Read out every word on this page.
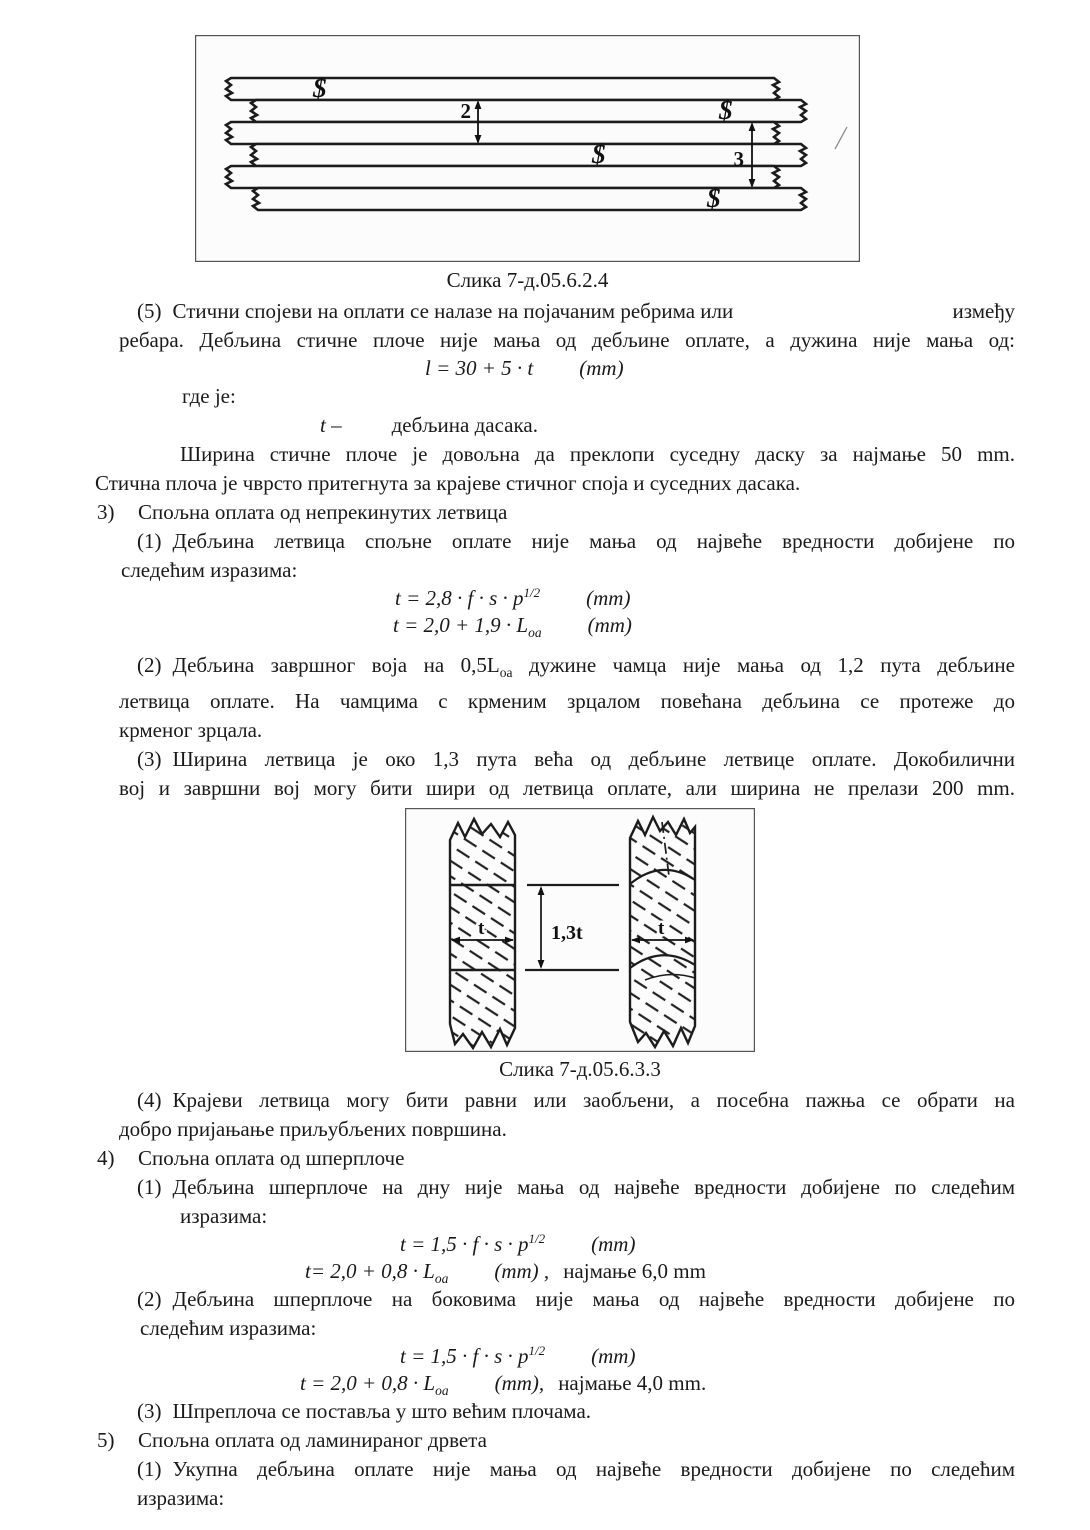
$
$
$
$
2
3
Слика 7-д.05.6.2.4
(5) Стични спојеви на оплати се налазе на појачаним ребрима или	између
ребара. Дебљина стичне плоче није мања од дебљине оплате, а дужина није мања од:
l = 30 + 5 · t (mm)
где је:
t – дебљина дасака.
Ширина стичне плоче је довољна да преклопи суседну даску за најмање 50 mm.
Стична плоча је чврсто притегнута за крајеве стичног споја и суседних дасака.
3) Спољна оплата од непрекинутих летвица
(1) Дебљина летвица спољне оплате није мања од највеће вредности добијене по
следећим изразима:
$t = 2,8 \cdot f \cdot s \cdot p^{1/2}$ (mm)
$t = 2,0 + 1,9 \cdot L_{oa}$ (mm)
(2) Дебљина завршног воја на $0,5L_{оа}$ дужине чамца није мања од 1,2 пута дебљине
летвица оплате. На чамцима с крменим зрцалом повећана дебљина се протеже до
крменог зрцала.
(3) Ширина летвица је око 1,3 пута већа од дебљине летвице оплате. Докобилични
вој и завршни вој могу бити шири од летвица оплате, али ширина не прелази 200 mm.
t	1,3t	t
Слика 7-д.05.6.3.3
(4) Крајеви летвица могу бити равни или заобљени, а посебна пажња се обрати на
добро пријањање приљубљених површина.
4) Спољна оплата од шперплоче
(1) Дебљина шперплоче на дну није мања од највеће вредности добијене по следећим
изразима:
$t = 1,5 \cdot f \cdot s \cdot p^{1/2}$ (mm)
$t= 2,0 + 0,8 \cdot L_{oa}$ (mm) , најмање 6,0 mm
(2) Дебљина шперплоче на боковима није мања од највеће вредности добијене по
следећим изразима:
$t = 1,5 \cdot f \cdot s \cdot p^{1/2}$ (mm)
$t = 2,0 + 0,8 \cdot L_{oa}$ (mm), најмање 4,0 mm.
(3) Шпреплоча се поставља у што већим плочама.
5) Спољна оплата од ламинираног дрвета
(1) Укупна дебљина оплате није мања од највеће вредности добијене по следећим
изразима:
